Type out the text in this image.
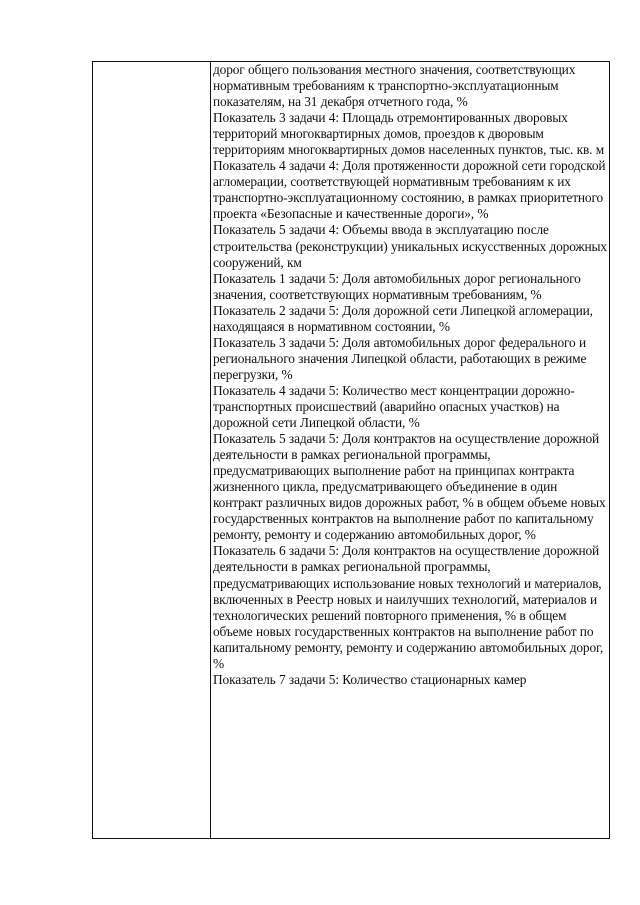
дорог общего пользования местного значения, соответствующих нормативным требованиям к транспортно-эксплуатационным показателям, на 31 декабря отчетного года, %

Показатель 3 задачи 4: Площадь отремонтированных дворовых территорий многоквартирных домов, проездов к дворовым территориям многоквартирных домов населенных пунктов, тыс. кв. м

Показатель 4 задачи 4: Доля протяженности дорожной сети городской агломерации, соответствующей нормативным требованиям к их транспортно-эксплуатационному состоянию, в рамках приоритетного проекта «Безопасные и качественные дороги», %

Показатель 5 задачи 4: Объемы ввода в эксплуатацию после строительства (реконструкции) уникальных искусственных дорожных сооружений, км

Показатель 1 задачи 5: Доля автомобильных дорог регионального значения, соответствующих нормативным требованиям, %

Показатель 2 задачи 5: Доля дорожной сети Липецкой агломерации, находящаяся в нормативном состоянии, %

Показатель 3 задачи 5: Доля автомобильных дорог федерального и регионального значения Липецкой области, работающих в режиме перегрузки, %

Показатель 4 задачи 5: Количество мест концентрации дорожно-транспортных происшествий (аварийно опасных участков) на дорожной сети Липецкой области, %

Показатель 5 задачи 5: Доля контрактов на осуществление дорожной деятельности в рамках региональной программы, предусматривающих выполнение работ на принципах контракта жизненного цикла, предусматривающего объединение в один контракт различных видов дорожных работ, % в общем объеме новых государственных контрактов на выполнение работ по капитальному ремонту, ремонту и содержанию автомобильных дорог, %

Показатель 6 задачи 5: Доля контрактов на осуществление дорожной деятельности в рамках региональной программы, предусматривающих использование новых технологий и материалов, включенных в Реестр новых и наилучших технологий, материалов и технологических решений повторного применения, % в общем объеме новых государственных контрактов на выполнение работ по капитальному ремонту, ремонту и содержанию автомобильных дорог, %

Показатель 7 задачи 5: Количество стационарных камер
